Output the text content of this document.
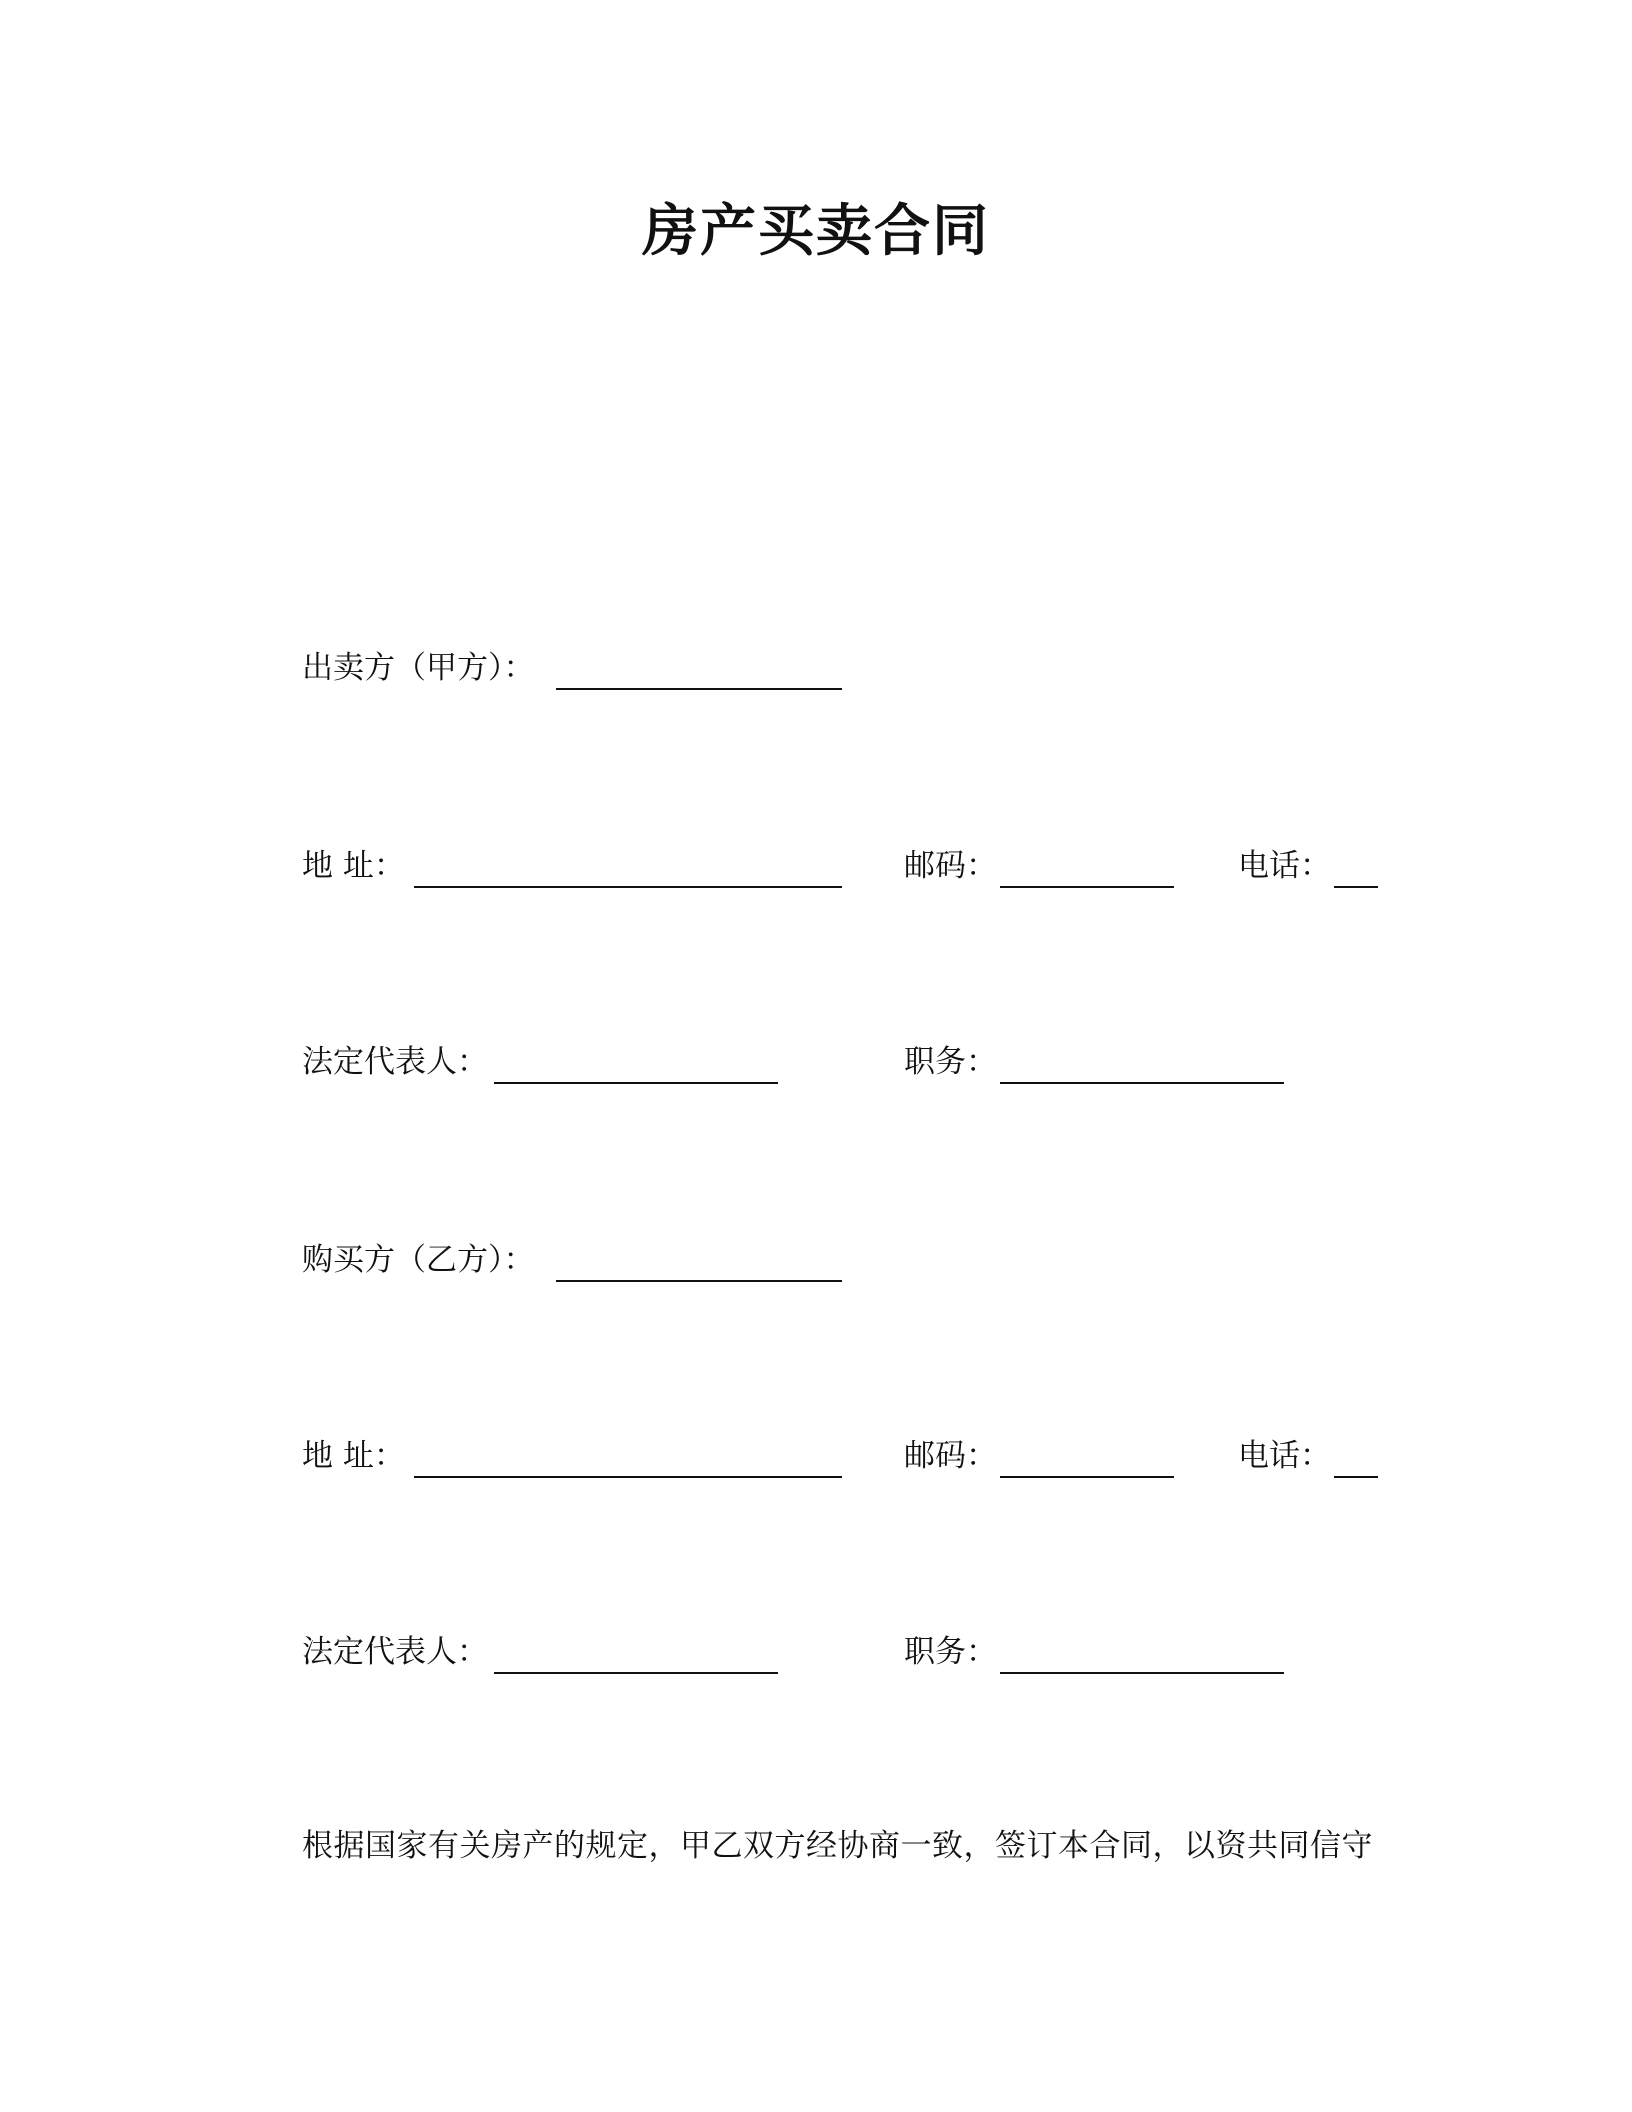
房产买卖合同
出卖方（甲方）：
地 址：	邮码：	电话：
法定代表人：	职务：
购买方（乙方）：
地 址：	邮码：	电话：
法定代表人：	职务：
根据国家有关房产的规定，甲乙双方经协商一致，签订本合同，以资共同信守
